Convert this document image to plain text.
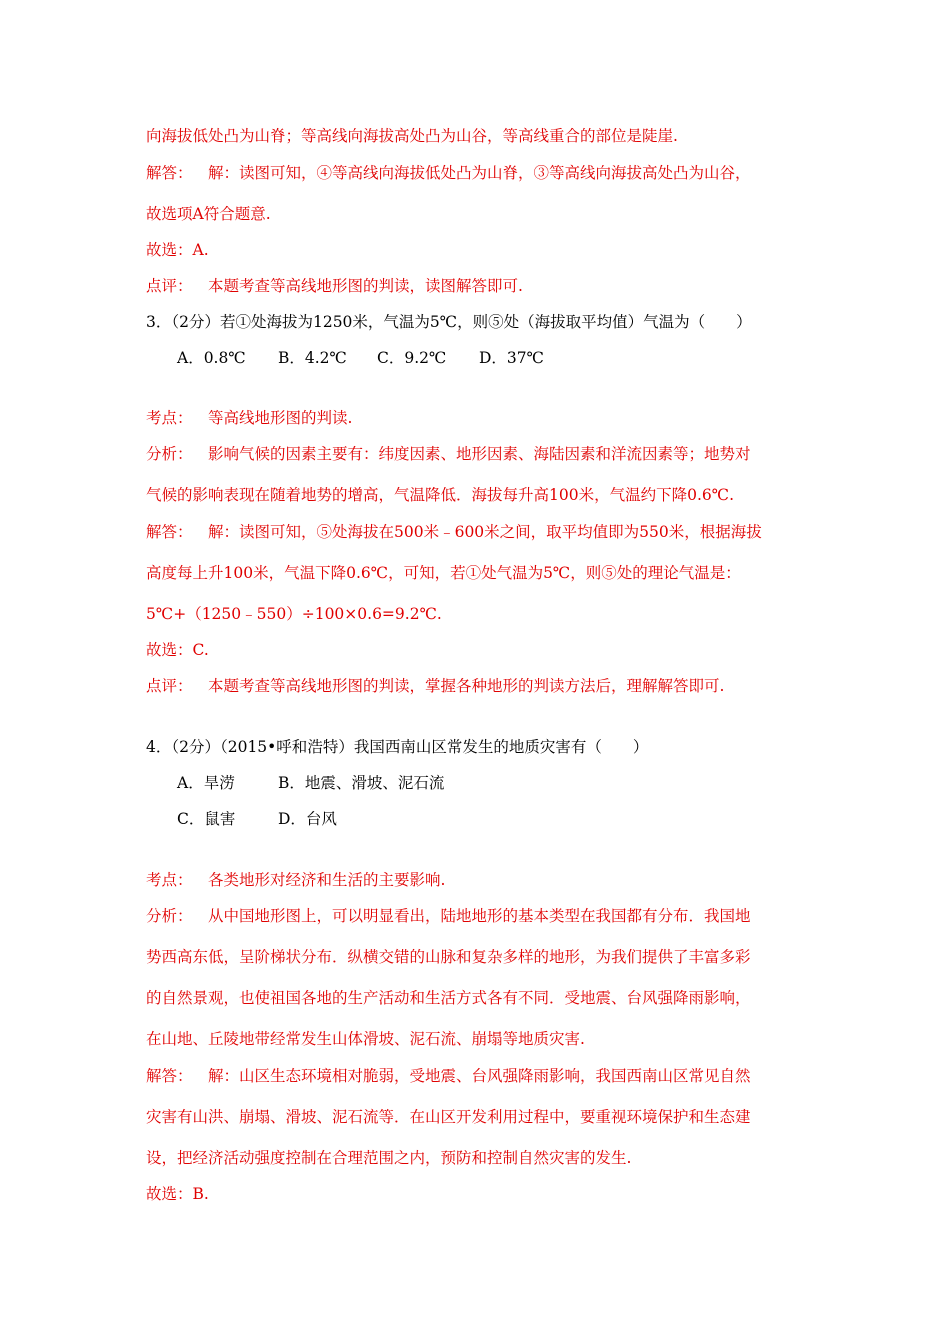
向海拔低处凸为山脊；等高线向海拔高处凸为山谷，等高线重合的部位是陡崖.
解答： 解：读图可知，④等高线向海拔低处凸为山脊，③等高线向海拔高处凸为山谷，
故选项A符合题意.
故选：A.
点评： 本题考查等高线地形图的判读，读图解答即可.
3．（2分）若①处海拔为1250米，气温为5℃，则⑤处（海拔取平均值）气温为（　　）
A．0.8℃ B．4.2℃ C．9.2℃ D．37℃
考点： 等高线地形图的判读.
分析： 影响气候的因素主要有：纬度因素、地形因素、海陆因素和洋流因素等；地势对
气候的影响表现在随着地势的增高，气温降低．海拔每升高100米，气温约下降0.6℃.
解答： 解：读图可知，⑤处海拔在500米﹣600米之间，取平均值即为550米，根据海拔
高度每上升100米，气温下降0.6℃，可知，若①处气温为5℃，则⑤处的理论气温是：
5℃+（1250﹣550）÷100×0.6=9.2℃.
故选：C.
点评： 本题考查等高线地形图的判读，掌握各种地形的判读方法后，理解解答即可.
4．（2分）（2015•呼和浩特）我国西南山区常发生的地质灾害有（　　）
A．旱涝	B．地震、滑坡、泥石流
C．鼠害	D．台风
考点： 各类地形对经济和生活的主要影响.
分析： 从中国地形图上，可以明显看出，陆地地形的基本类型在我国都有分布．我国地
势西高东低，呈阶梯状分布．纵横交错的山脉和复杂多样的地形，为我们提供了丰富多彩
的自然景观，也使祖国各地的生产活动和生活方式各有不同．受地震、台风强降雨影响，
在山地、丘陵地带经常发生山体滑坡、泥石流、崩塌等地质灾害.
解答： 解：山区生态环境相对脆弱，受地震、台风强降雨影响，我国西南山区常见自然
灾害有山洪、崩塌、滑坡、泥石流等．在山区开发利用过程中，要重视环境保护和生态建
设，把经济活动强度控制在合理范围之内，预防和控制自然灾害的发生.
故选：B.
